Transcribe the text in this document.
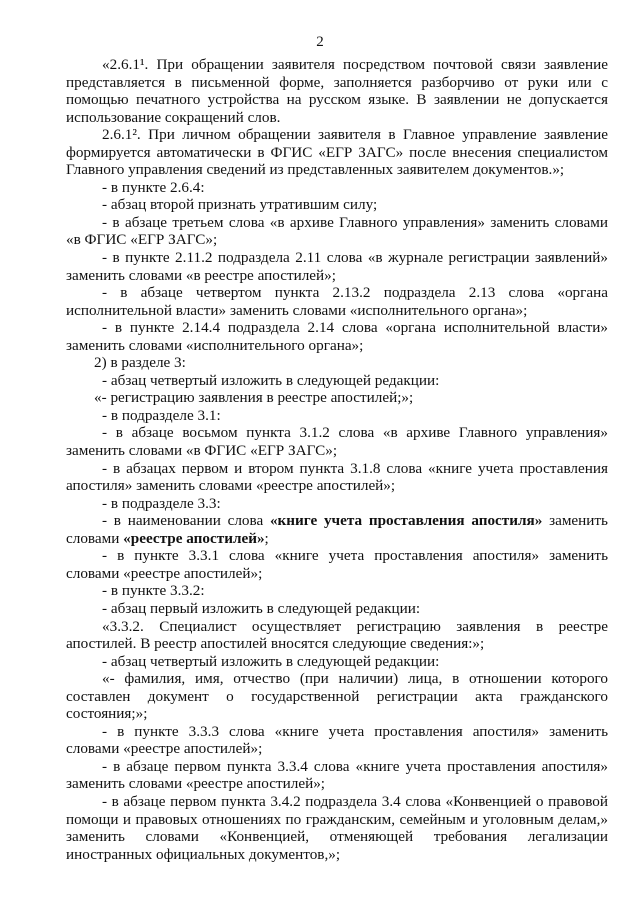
2

«2.6.1¹. При обращении заявителя посредством почтовой связи заявление представляется в письменной форме, заполняется разборчиво от руки или с помощью печатного устройства на русском языке. В заявлении не допускается использование сокращений слов.

2.6.1². При личном обращении заявителя в Главное управление заявление формируется автоматически в ФГИС «ЕГР ЗАГС» после внесения специалистом Главного управления сведений из представленных заявителем документов.»;

- в пункте 2.6.4:

- абзац второй признать утратившим силу;

- в абзаце третьем слова «в архиве Главного управления» заменить словами «в ФГИС «ЕГР ЗАГС»;

- в пункте 2.11.2 подраздела 2.11 слова «в журнале регистрации заявлений» заменить словами «в реестре апостилей»;

- в абзаце четвертом пункта 2.13.2 подраздела 2.13 слова «органа исполнительной власти» заменить словами «исполнительного органа»;

- в пункте 2.14.4 подраздела 2.14 слова «органа исполнительной власти» заменить словами «исполнительного органа»;

2) в разделе 3:

- абзац четвертый изложить в следующей редакции:

«- регистрацию заявления в реестре апостилей;»;

- в подразделе 3.1:

- в абзаце восьмом пункта 3.1.2 слова «в архиве Главного управления» заменить словами «в ФГИС «ЕГР ЗАГС»;

- в абзацах первом и втором пункта 3.1.8 слова «книге учета проставления апостиля» заменить словами «реестре апостилей»;

- в подразделе 3.3:

- в наименовании слова «книге учета проставления апостиля» заменить словами «реестре апостилей»;

- в пункте 3.3.1 слова «книге учета проставления апостиля» заменить словами «реестре апостилей»;

- в пункте 3.3.2:

- абзац первый изложить в следующей редакции:

«3.3.2. Специалист осуществляет регистрацию заявления в реестре апостилей. В реестр апостилей вносятся следующие сведения:»;

- абзац четвертый изложить в следующей редакции:

«- фамилия, имя, отчество (при наличии) лица, в отношении которого составлен документ о государственной регистрации акта гражданского состояния;»;

- в пункте 3.3.3 слова «книге учета проставления апостиля» заменить словами «реестре апостилей»;

- в абзаце первом пункта 3.3.4 слова «книге учета проставления апостиля» заменить словами «реестре апостилей»;

- в абзаце первом пункта 3.4.2 подраздела 3.4 слова «Конвенцией о правовой помощи и правовых отношениях по гражданским, семейным и уголовным делам,» заменить словами «Конвенцией, отменяющей требования легализации иностранных официальных документов,»;
